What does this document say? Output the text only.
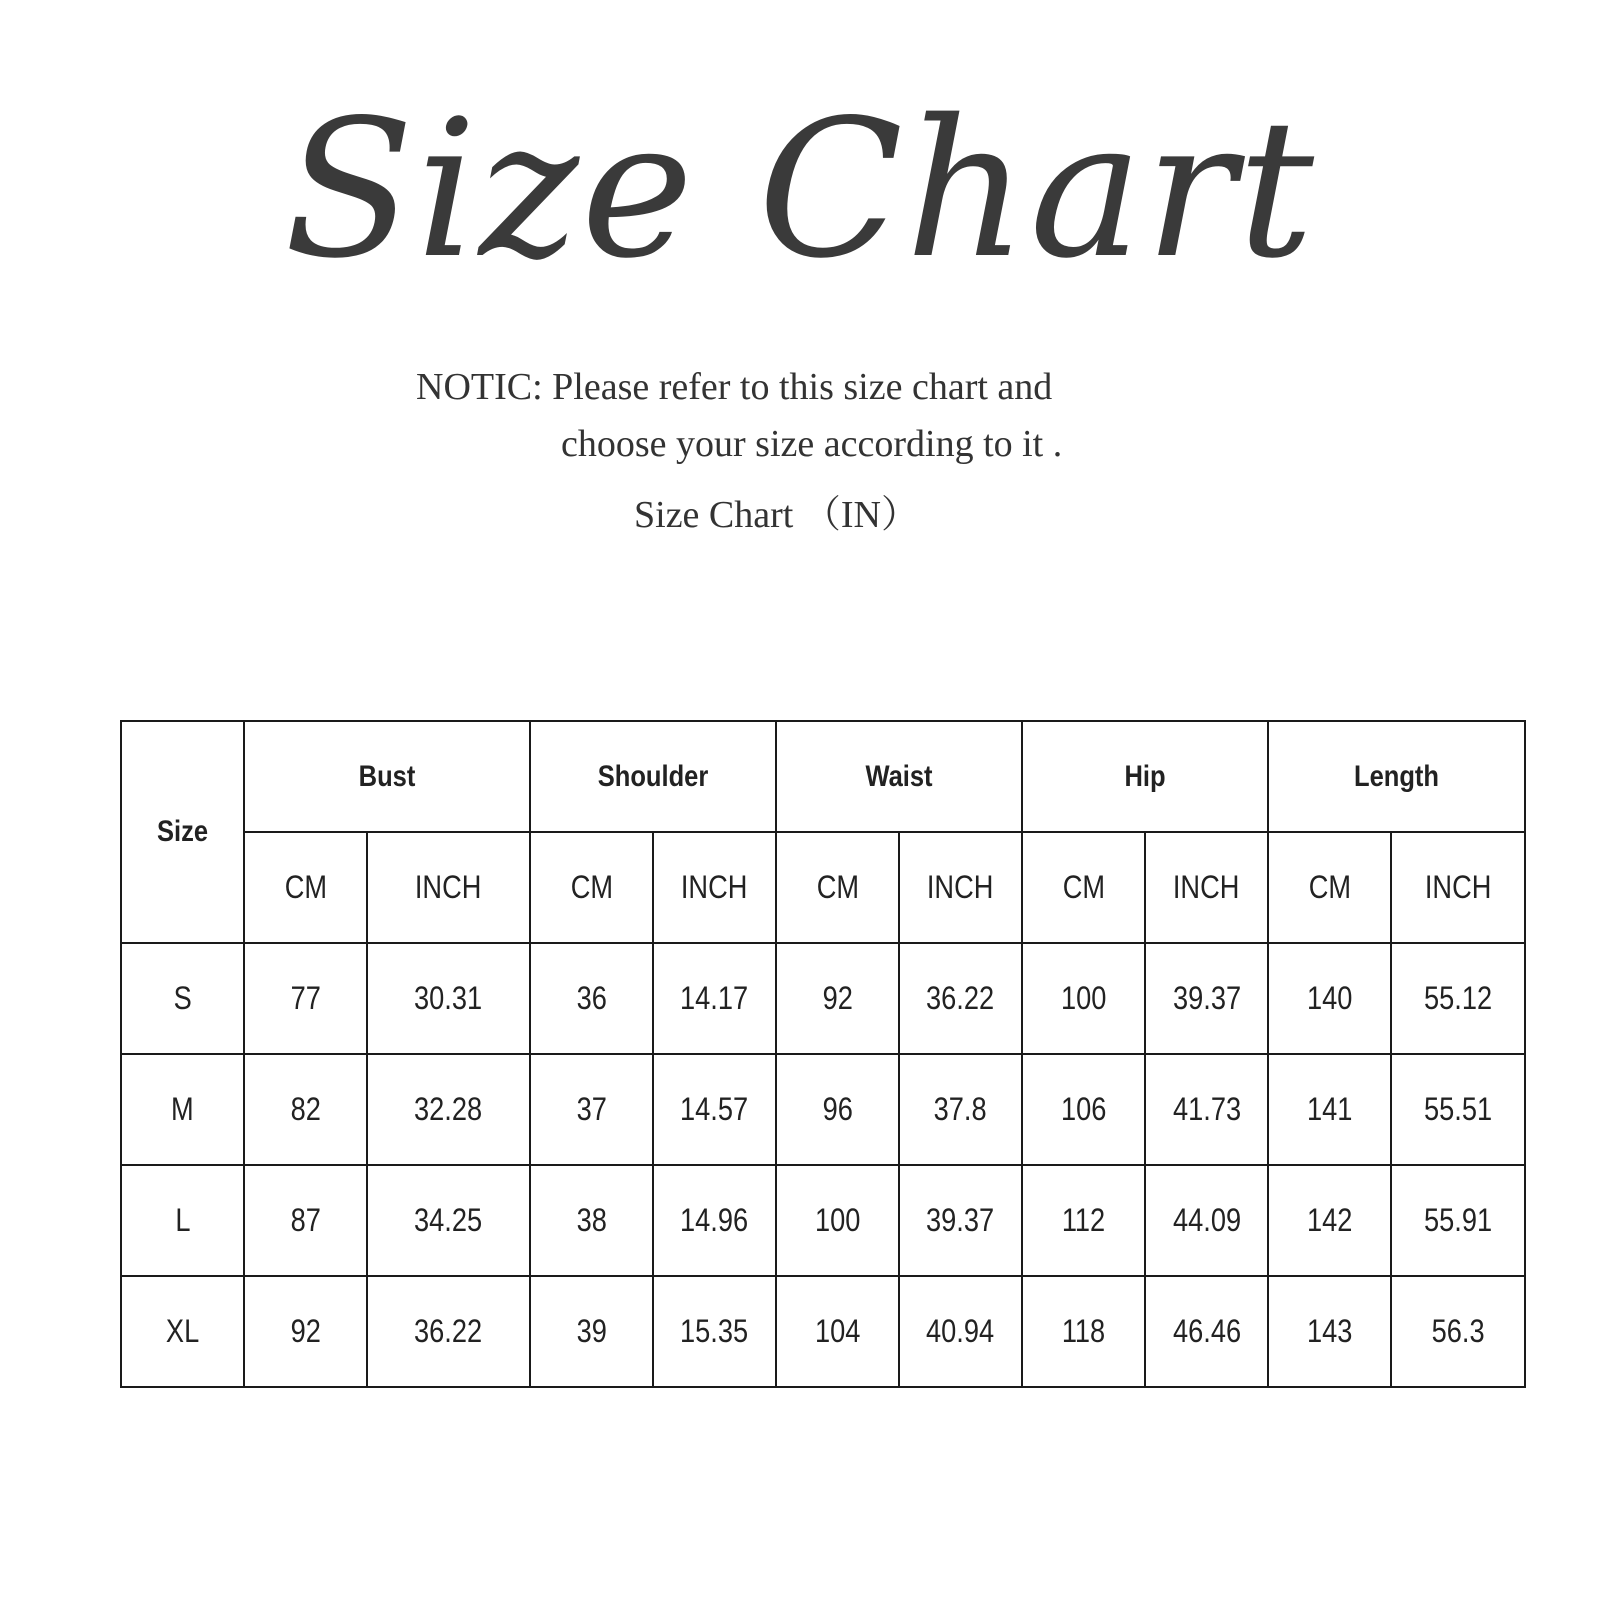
Size Chart

NOTIC: Please refer to this size chart and

choose your size according to it .

Size Chart （IN）

Size	Bust		Shoulder		Waist		Hip		Length	
	CM	INCH	CM	INCH	CM	INCH	CM	INCH	CM	INCH
S	77	30.31	36	14.17	92	36.22	100	39.37	140	55.12
M	82	32.28	37	14.57	96	37.8	106	41.73	141	55.51
L	87	34.25	38	14.96	100	39.37	112	44.09	142	55.91
XL	92	36.22	39	15.35	104	40.94	118	46.46	143	56.3
